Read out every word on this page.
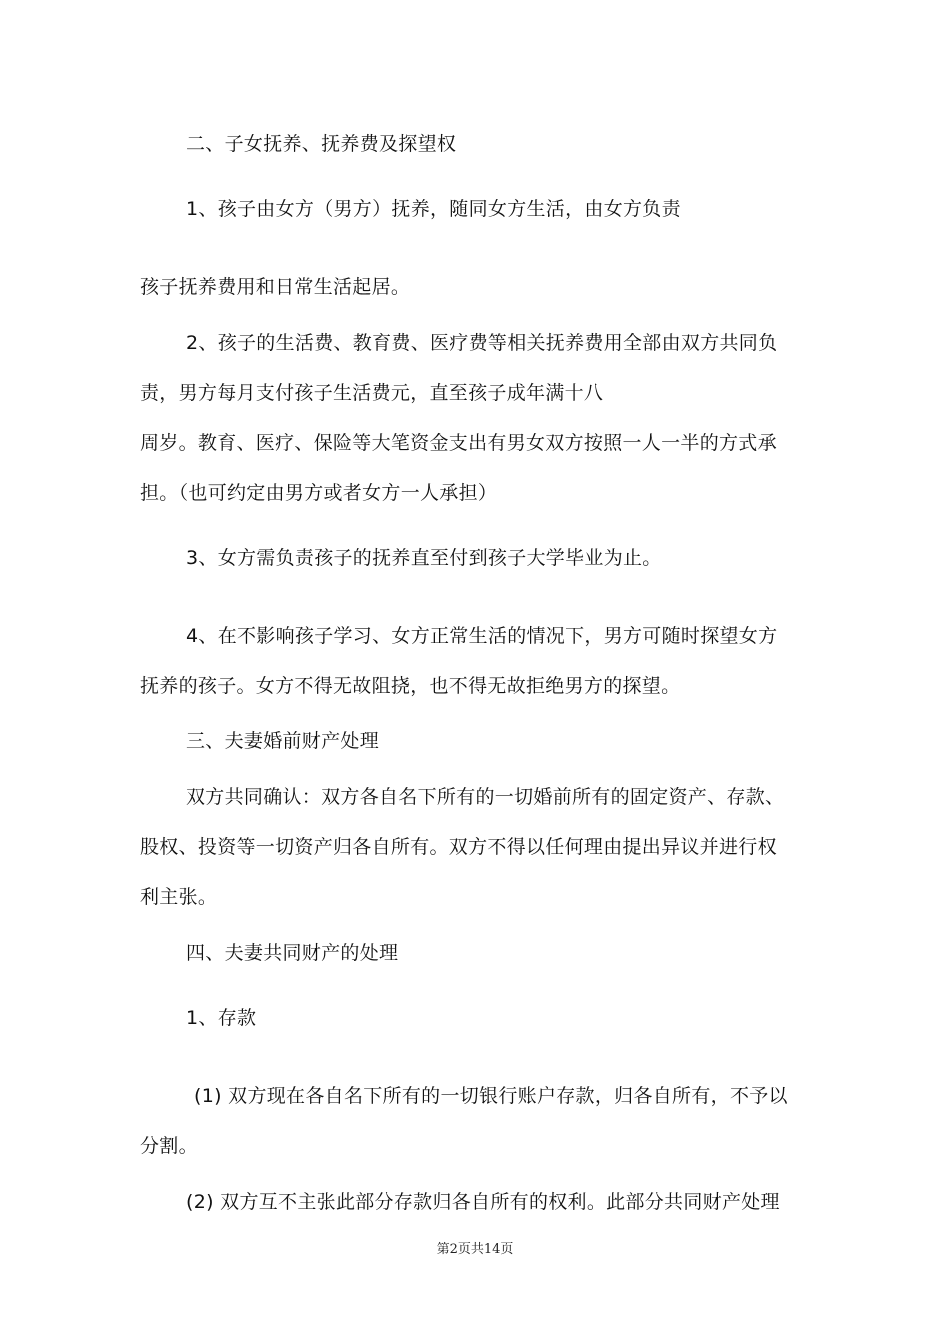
二、子女抚养、抚养费及探望权

1、孩子由女方（男方）抚养，随同女方生活，由女方负责

孩子抚养费用和日常生活起居。

2、孩子的生活费、教育费、医疗费等相关抚养费用全部由双方共同负

责，男方每月支付孩子生活费元，直至孩子成年满十八

周岁。教育、医疗、保险等大笔资金支出有男女双方按照一人一半的方式承

担。（也可约定由男方或者女方一人承担）

3、女方需负责孩子的抚养直至付到孩子大学毕业为止。

4、在不影响孩子学习、女方正常生活的情况下，男方可随时探望女方

抚养的孩子。女方不得无故阻挠，也不得无故拒绝男方的探望。

三、夫妻婚前财产处理

双方共同确认：双方各自名下所有的一切婚前所有的固定资产、存款、

股权、投资等一切资产归各自所有。双方不得以任何理由提出异议并进行权

利主张。

四、夫妻共同财产的处理

1、存款

(1) 双方现在各自名下所有的一切银行账户存款，归各自所有，不予以

分割。

(2) 双方互不主张此部分存款归各自所有的权利。此部分共同财产处理

第2页共14页
